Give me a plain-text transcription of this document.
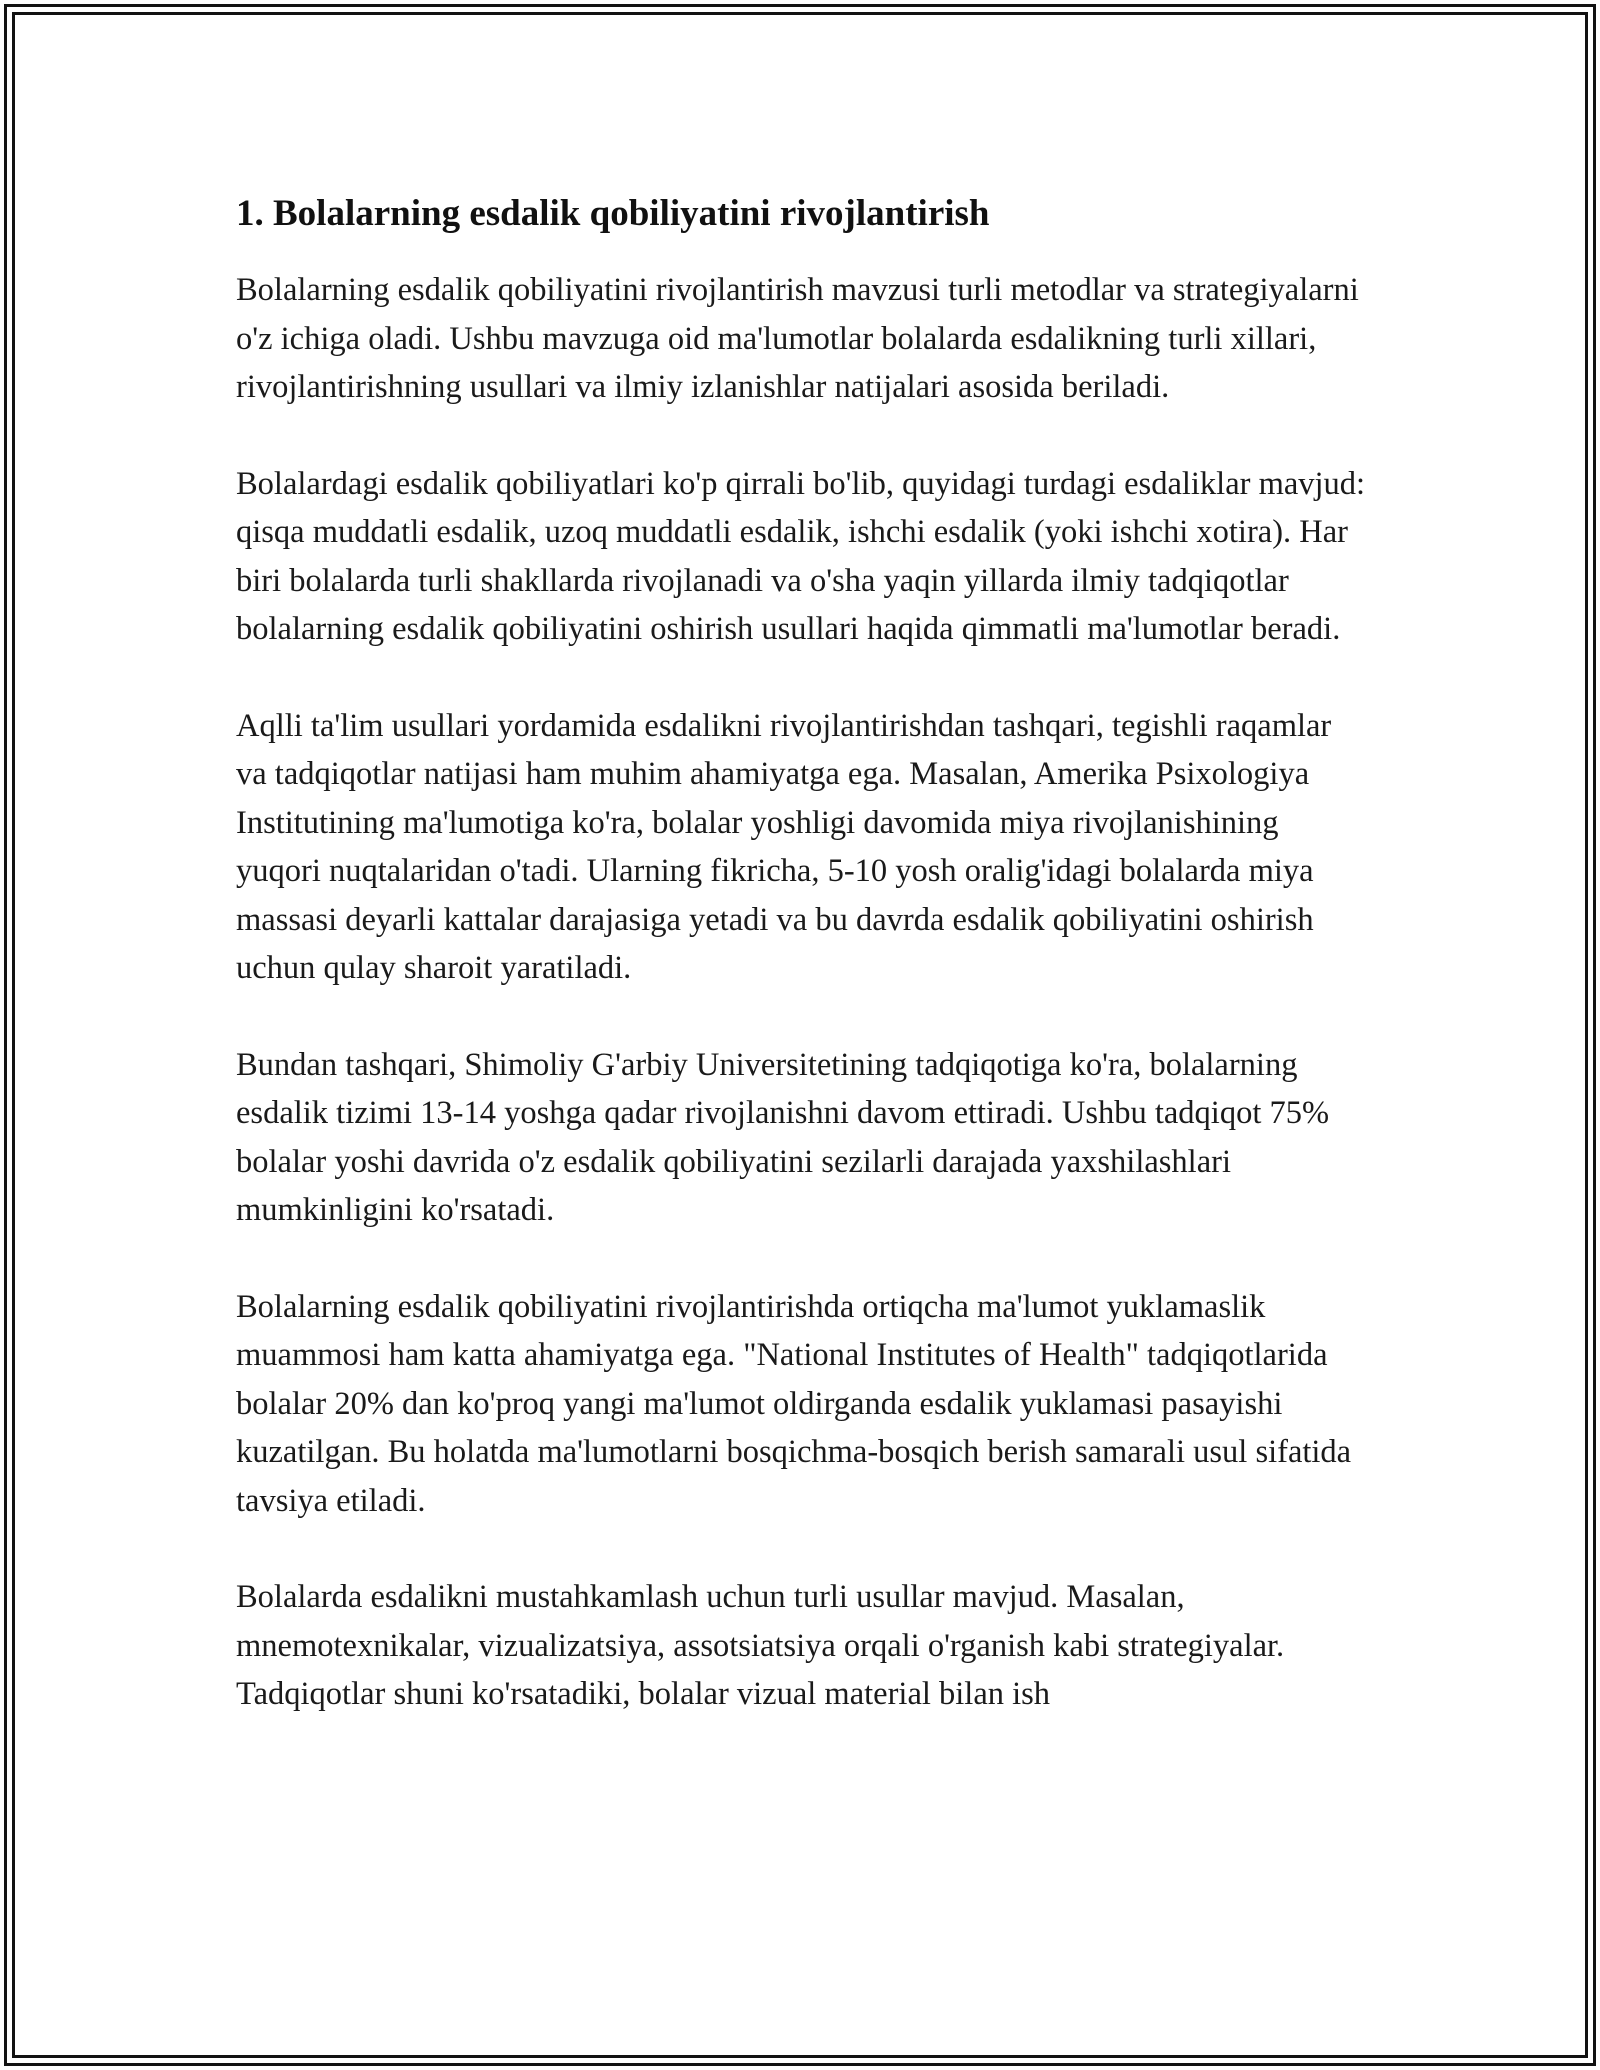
1. Bolalarning esdalik qobiliyatini rivojlantirish

Bolalarning esdalik qobiliyatini rivojlantirish mavzusi turli metodlar va strategiyalarni o'z ichiga oladi. Ushbu mavzuga oid ma'lumotlar bolalarda esdalikning turli xillari, rivojlantirishning usullari va ilmiy izlanishlar natijalari asosida beriladi.

Bolalardagi esdalik qobiliyatlari ko'p qirrali bo'lib, quyidagi turdagi esdaliklar mavjud: qisqa muddatli esdalik, uzoq muddatli esdalik, ishchi esdalik (yoki ishchi xotira). Har biri bolalarda turli shakllarda rivojlanadi va o'sha yaqin yillarda ilmiy tadqiqotlar bolalarning esdalik qobiliyatini oshirish usullari haqida qimmatli ma'lumotlar beradi.

Aqlli ta'lim usullari yordamida esdalikni rivojlantirishdan tashqari, tegishli raqamlar va tadqiqotlar natijasi ham muhim ahamiyatga ega. Masalan, Amerika Psixologiya Institutining ma'lumotiga ko'ra, bolalar yoshligi davomida miya rivojlanishining yuqori nuqtalaridan o'tadi. Ularning fikricha, 5-10 yosh oralig'idagi bolalarda miya massasi deyarli kattalar darajasiga yetadi va bu davrda esdalik qobiliyatini oshirish uchun qulay sharoit yaratiladi.

Bundan tashqari, Shimoliy G'arbiy Universitetining tadqiqotiga ko'ra, bolalarning esdalik tizimi 13-14 yoshga qadar rivojlanishni davom ettiradi. Ushbu tadqiqot 75% bolalar yoshi davrida o'z esdalik qobiliyatini sezilarli darajada yaxshilashlari mumkinligini ko'rsatadi.

Bolalarning esdalik qobiliyatini rivojlantirishda ortiqcha ma'lumot yuklamaslik muammosi ham katta ahamiyatga ega. "National Institutes of Health" tadqiqotlarida bolalar 20% dan ko'proq yangi ma'lumot oldirganda esdalik yuklamasi pasayishi kuzatilgan. Bu holatda ma'lumotlarni bosqichma-bosqich berish samarali usul sifatida tavsiya etiladi.

Bolalarda esdalikni mustahkamlash uchun turli usullar mavjud. Masalan, mnemotexnikalar, vizualizatsiya, assotsiatsiya orqali o'rganish kabi strategiyalar. Tadqiqotlar shuni ko'rsatadiki, bolalar vizual material bilan ish
